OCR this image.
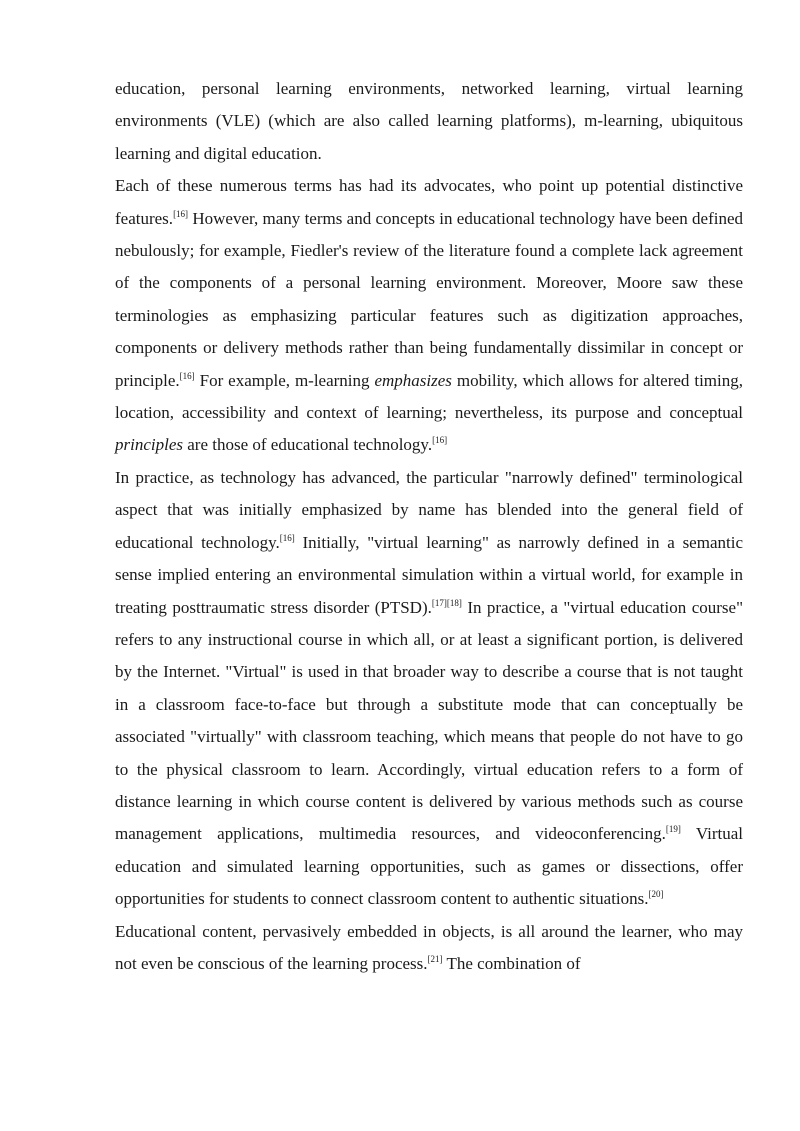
education, personal learning environments, networked learning, virtual learning environments (VLE) (which are also called learning platforms), m-learning, ubiquitous learning and digital education.

Each of these numerous terms has had its advocates, who point up potential distinctive features.[16] However, many terms and concepts in educational technology have been defined nebulously; for example, Fiedler's review of the literature found a complete lack agreement of the components of a personal learning environment. Moreover, Moore saw these terminologies as emphasizing particular features such as digitization approaches, components or delivery methods rather than being fundamentally dissimilar in concept or principle.[16] For example, m-learning emphasizes mobility, which allows for altered timing, location, accessibility and context of learning; nevertheless, its purpose and conceptual principles are those of educational technology.[16]

In practice, as technology has advanced, the particular "narrowly defined" terminological aspect that was initially emphasized by name has blended into the general field of educational technology.[16] Initially, "virtual learning" as narrowly defined in a semantic sense implied entering an environmental simulation within a virtual world, for example in treating posttraumatic stress disorder (PTSD).[17][18] In practice, a "virtual education course" refers to any instructional course in which all, or at least a significant portion, is delivered by the Internet. "Virtual" is used in that broader way to describe a course that is not taught in a classroom face-to-face but through a substitute mode that can conceptually be associated "virtually" with classroom teaching, which means that people do not have to go to the physical classroom to learn. Accordingly, virtual education refers to a form of distance learning in which course content is delivered by various methods such as course management applications, multimedia resources, and videoconferencing.[19] Virtual education and simulated learning opportunities, such as games or dissections, offer opportunities for students to connect classroom content to authentic situations.[20]

Educational content, pervasively embedded in objects, is all around the learner, who may not even be conscious of the learning process.[21] The combination of
